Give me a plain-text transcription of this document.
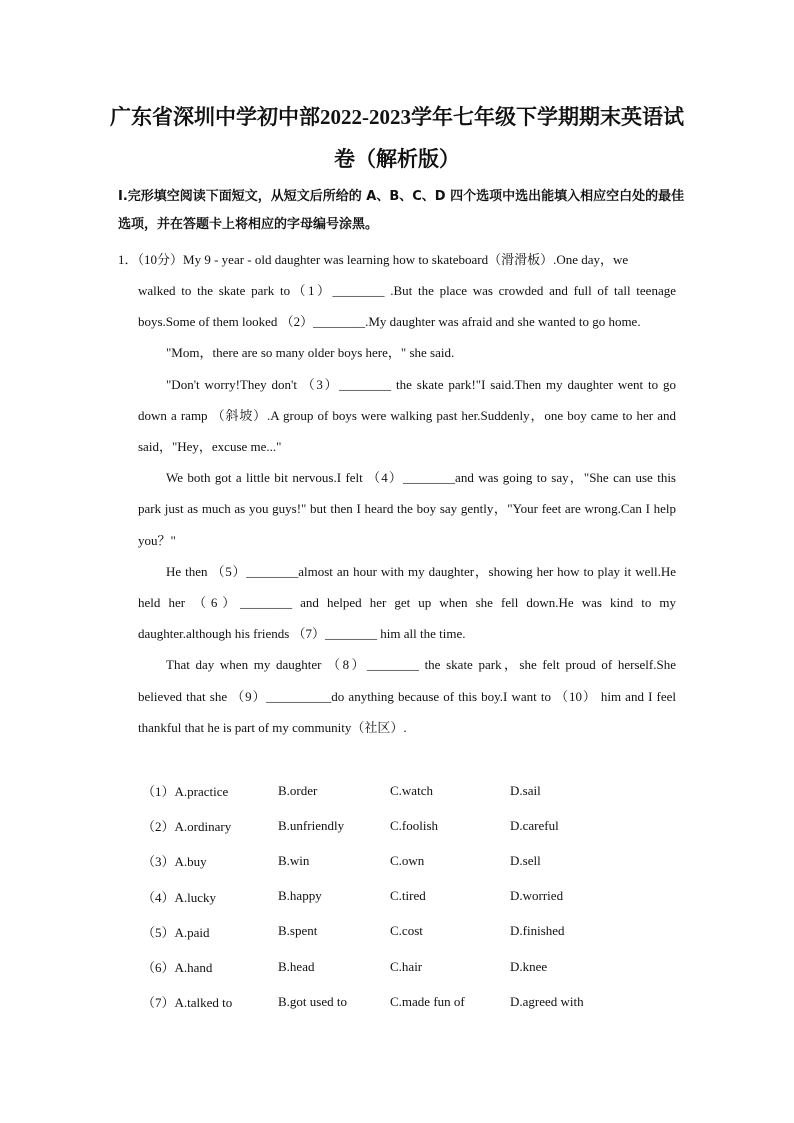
广东省深圳中学初中部2022-2023学年七年级下学期期末英语试卷（解析版）
Ⅰ.完形填空阅读下面短文，从短文后所给的 A、B、C、D 四个选项中选出能填入相应空白处的最佳选项，并在答题卡上将相应的字母编号涂黑。
1．（10分）My 9 - year - old daughter was learning how to skateboard（滑滑板）.One day，we

walked to the skate park to（1）________ .But the place was crowded and full of tall teenage boys.Some of them looked （2）________.My daughter was afraid and she wanted to go home.

"Mom，there are so many older boys here，" she said.

"Don't worry!They don't （3）________ the skate park!"I said.Then my daughter went to go down a ramp （斜坡）.A group of boys were walking past her.Suddenly，one boy came to her and said，"Hey，excuse me..."

We both got a little bit nervous.I felt （4）________and was going to say，"She can use this park just as much as you guys!" but then I heard the boy say gently，"Your feet are wrong.Can I help you？"

He then （5）________almost an hour with my daughter，showing her how to play it well.He held her （6）________ and helped her get up when she fell down.He was kind to my daughter.although his friends （7）________ him all the time.

That day when my daughter （8）________ the skate park，she felt proud of herself.She believed that she （9）__________do anything because of this boy.I want to （10） him and I feel thankful that he is part of my community（社区）.

（1）A.practice	B.order	C.watch	D.sail
（2）A.ordinary	B.unfriendly	C.foolish	D.careful
（3）A.buy	B.win	C.own	D.sell
（4）A.lucky	B.happy	C.tired	D.worried
（5）A.paid	B.spent	C.cost	D.finished
（6）A.hand	B.head	C.hair	D.knee
（7）A.talked to	B.got used to	C.made fun of	D.agreed with
